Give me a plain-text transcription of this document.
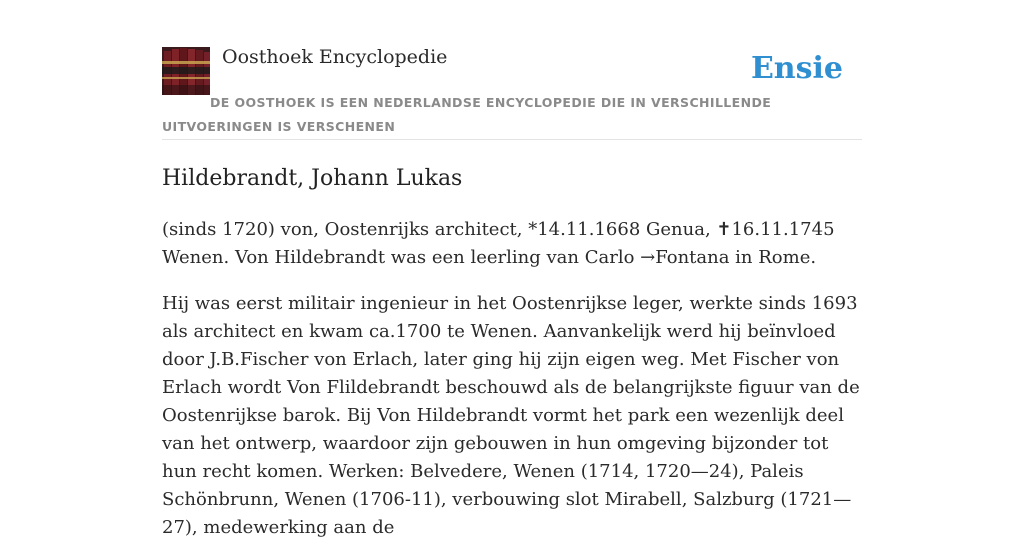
Oosthoek Encyclopedie	Ensie
DE OOSTHOEK IS EEN NEDERLANDSE ENCYCLOPEDIE DIE IN VERSCHILLENDE UITVOERINGEN IS VERSCHENEN
Hildebrandt, Johann Lukas

(sinds 1720) von, Oostenrijks architect, *14.11.1668 Genua, ✝16.11.1745 Wenen. Von Hildebrandt was een leerling van Carlo →Fontana in Rome.

Hij was eerst militair ingenieur in het Oostenrijkse leger, werkte sinds 1693 als architect en kwam ca.1700 te Wenen. Aanvankelijk werd hij beïnvloed door J.B.Fischer von Erlach, later ging hij zijn eigen weg. Met Fischer von Erlach wordt Von Flildebrandt beschouwd als de belangrijkste figuur van de Oostenrijkse barok. Bij Von Hildebrandt vormt het park een wezenlijk deel van het ontwerp, waardoor zijn gebouwen in hun omgeving bijzonder tot hun recht komen. Werken: Belvedere, Wenen (1714, 1720—24), Paleis Schönbrunn, Wenen (1706-11), verbouwing slot Mirabell, Salzburg (1721—27), medewerking aan de
